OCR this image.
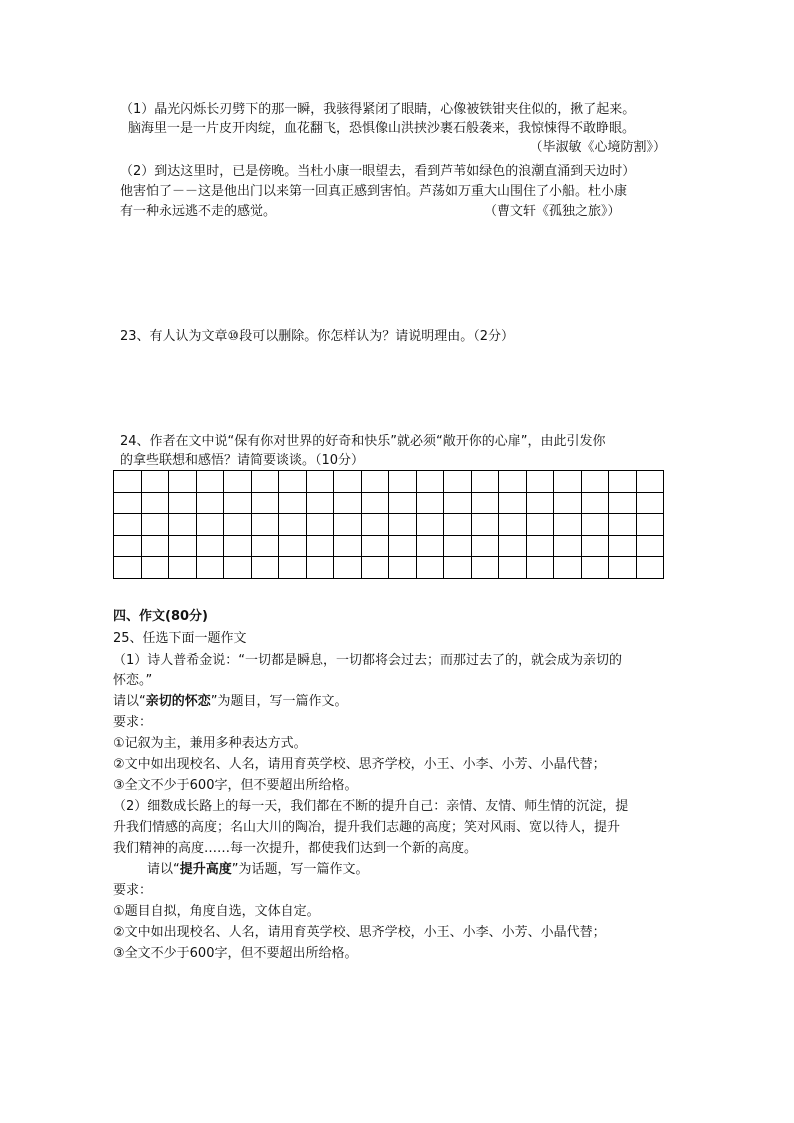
（1）晶光闪烁长刃劈下的那一瞬，我骇得紧闭了眼睛，心像被铁钳夹住似的，揪了起来。
脑海里一是一片皮开肉绽，血花翻飞，恐惧像山洪挟沙裹石般袭来，我惊悚得不敢睁眼。
（毕淑敏《心境防割》）
（2）到达这里时，已是傍晚。当杜小康一眼望去，看到芦苇如绿色的浪潮直涌到天边时）
他害怕了－－这是他出门以来第一回真正感到害怕。芦荡如万重大山围住了小船。杜小康
有一种永远逃不走的感觉。	（曹文轩《孤独之旅》）
23、有人认为文章⑩段可以删除。你怎样认为？请说明理由。（2分）
24、作者在文中说“保有你对世界的好奇和快乐”就必须“敞开你的心扉”，由此引发你
的拿些联想和感悟？请简要谈谈。（10分）

四、作文(80分)
25、任选下面一题作文
（1）诗人普希金说：“一切都是瞬息，一切都将会过去；而那过去了的，就会成为亲切的
怀恋。”
请以“亲切的怀恋”为题目，写一篇作文。
要求：
①记叙为主，兼用多种表达方式。
②文中如出现校名、人名，请用育英学校、思齐学校，小王、小李、小芳、小晶代替；
③全文不少于600字，但不要超出所给格。
（2）细数成长路上的每一天，我们都在不断的提升自己：亲情、友情、师生情的沉淀，提
升我们情感的高度；名山大川的陶冶，提升我们志趣的高度；笑对风雨、宽以待人，提升
我们精神的高度……每一次提升，都使我们达到一个新的高度。
请以“提升高度”为话题，写一篇作文。
要求：
①题目自拟，角度自选，文体自定。
②文中如出现校名、人名，请用育英学校、思齐学校，小王、小李、小芳、小晶代替；
③全文不少于600字，但不要超出所给格。
